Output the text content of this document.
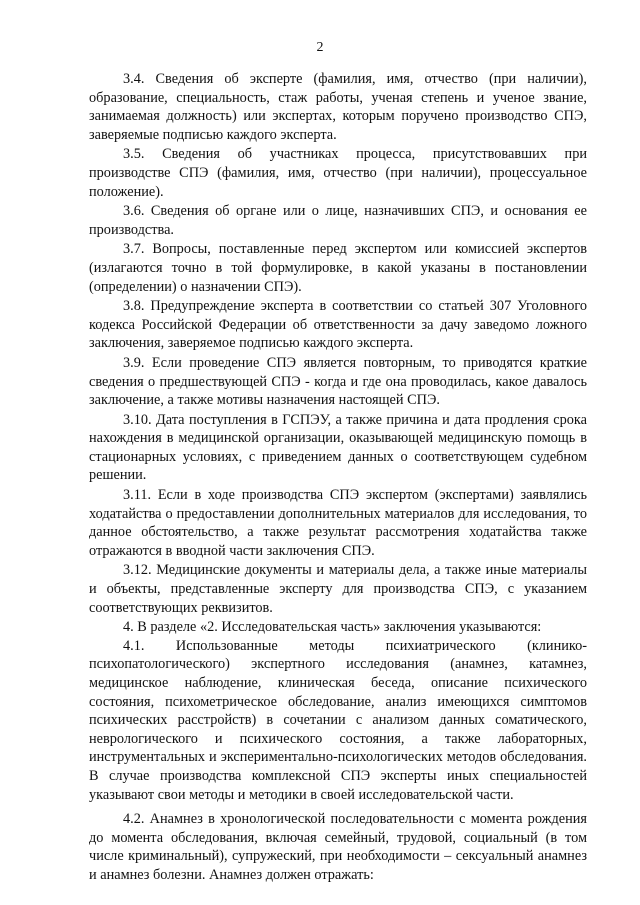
2

3.4. Сведения об эксперте (фамилия, имя, отчество (при наличии), образование, специальность, стаж работы, ученая степень и ученое звание, занимаемая должность) или экспертах, которым поручено производство СПЭ, заверяемые подписью каждого эксперта.

3.5. Сведения об участниках процесса, присутствовавших при производстве СПЭ (фамилия, имя, отчество (при наличии), процессуальное положение).

3.6. Сведения об органе или о лице, назначивших СПЭ, и основания ее производства.

3.7. Вопросы, поставленные перед экспертом или комиссией экспертов (излагаются точно в той формулировке, в какой указаны в постановлении (определении) о назначении СПЭ).

3.8. Предупреждение эксперта в соответствии со статьей 307 Уголовного кодекса Российской Федерации об ответственности за дачу заведомо ложного заключения, заверяемое подписью каждого эксперта.

3.9. Если проведение СПЭ является повторным, то приводятся краткие сведения о предшествующей СПЭ - когда и где она проводилась, какое давалось заключение, а также мотивы назначения настоящей СПЭ.

3.10. Дата поступления в ГСПЭУ, а также причина и дата продления срока нахождения в медицинской организации, оказывающей медицинскую помощь в стационарных условиях, с приведением данных о соответствующем судебном решении.

3.11. Если в ходе производства СПЭ экспертом (экспертами) заявлялись ходатайства о предоставлении дополнительных материалов для исследования, то данное обстоятельство, а также результат рассмотрения ходатайства также отражаются в вводной части заключения СПЭ.

3.12. Медицинские документы и материалы дела, а также иные материалы и объекты, представленные эксперту для производства СПЭ, с указанием соответствующих реквизитов.

4. В разделе «2. Исследовательская часть» заключения указываются:

4.1. Использованные методы психиатрического (клинико-психопатологического) экспертного исследования (анамнез, катамнез, медицинское наблюдение, клиническая беседа, описание психического состояния, психометрическое обследование, анализ имеющихся симптомов психических расстройств) в сочетании с анализом данных соматического, неврологического и психического состояния, а также лабораторных, инструментальных и экспериментально-психологических методов обследования. В случае производства комплексной СПЭ эксперты иных специальностей указывают свои методы и методики в своей исследовательской части.

4.2. Анамнез в хронологической последовательности с момента рождения до момента обследования, включая семейный, трудовой, социальный (в том числе криминальный), супружеский, при необходимости – сексуальный анамнез и анамнез болезни. Анамнез должен отражать:
